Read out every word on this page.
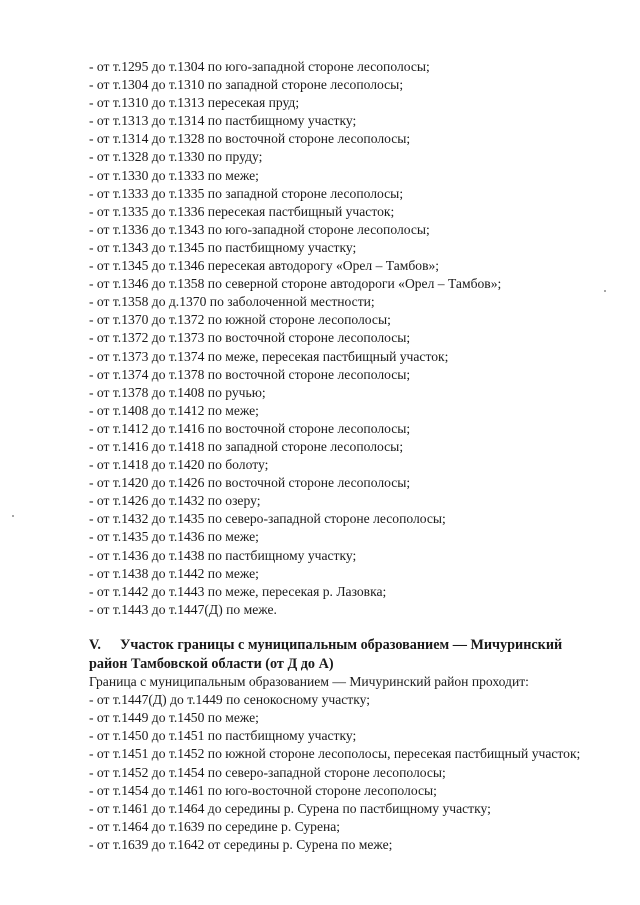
- от т.1295 до т.1304 по юго-западной стороне лесополосы;
- от т.1304 до т.1310 по западной стороне лесополосы;
- от т.1310 до т.1313 пересекая пруд;
- от т.1313 до т.1314 по пастбищному участку;
- от т.1314 до т.1328 по восточной стороне лесополосы;
- от т.1328 до т.1330 по пруду;
- от т.1330 до т.1333 по меже;
- от т.1333 до т.1335 по западной стороне лесополосы;
- от т.1335 до т.1336 пересекая пастбищный участок;
- от т.1336 до т.1343 по юго-западной стороне лесополосы;
- от т.1343 до т.1345 по пастбищному участку;
- от т.1345 до т.1346 пересекая автодорогу «Орел – Тамбов»;
- от т.1346 до т.1358 по северной стороне автодороги «Орел – Тамбов»;
- от т.1358 до д.1370 по заболоченной местности;
- от т.1370 до т.1372 по южной стороне лесополосы;
- от т.1372 до т.1373 по восточной стороне лесополосы;
- от т.1373 до т.1374 по меже, пересекая пастбищный участок;
- от т.1374 до т.1378 по восточной стороне лесополосы;
- от т.1378 до т.1408 по ручью;
- от т.1408 до т.1412 по меже;
- от т.1412 до т.1416 по восточной стороне лесополосы;
- от т.1416 до т.1418 по западной стороне лесополосы;
- от т.1418 до т.1420 по болоту;
- от т.1420 до т.1426 по восточной стороне лесополосы;
- от т.1426 до т.1432 по озеру;
- от т.1432 до т.1435 по северо-западной стороне лесополосы;
- от т.1435 до т.1436 по меже;
- от т.1436 до т.1438 по пастбищному участку;
- от т.1438 до т.1442 по меже;
- от т.1442 до т.1443 по меже, пересекая р. Лазовка;
- от т.1443 до т.1447(Д) по меже.
V. Участок границы с муниципальным образованием — Мичуринский
район Тамбовской области (от Д до А)
Граница с муниципальным образованием — Мичуринский район проходит:
- от т.1447(Д) до т.1449 по сенокосному участку;
- от т.1449 до т.1450 по меже;
- от т.1450 до т.1451 по пастбищному участку;
- от т.1451 до т.1452 по южной стороне лесополосы, пересекая пастбищный участок;
- от т.1452 до т.1454 по северо-западной стороне лесополосы;
- от т.1454 до т.1461 по юго-восточной стороне лесополосы;
- от т.1461 до т.1464 до середины р. Сурена по пастбищному участку;
- от т.1464 до т.1639 по середине р. Сурена;
- от т.1639 до т.1642 от середины р. Сурена по меже;
